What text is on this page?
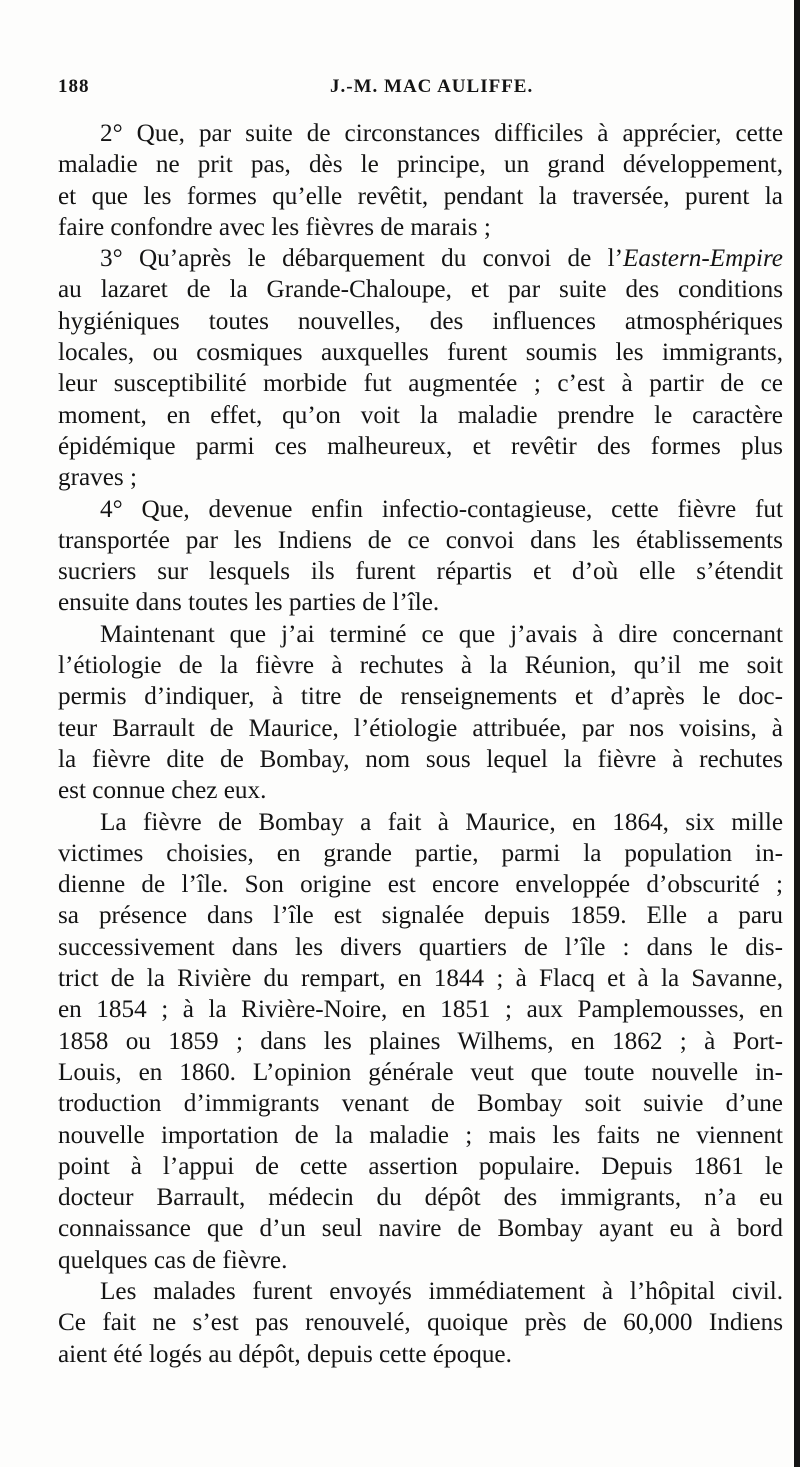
188	J.-M. MAC AULIFFE.
2° Que, par suite de circonstances difficiles à apprécier, cette
maladie ne prit pas, dès le principe, un grand développement,
et que les formes qu’elle revêtit, pendant la traversée, purent la
faire confondre avec les fièvres de marais ;
3° Qu’après le débarquement du convoi de l’Eastern-Empire
au lazaret de la Grande-Chaloupe, et par suite des conditions
hygiéniques toutes nouvelles, des influences atmosphériques
locales, ou cosmiques auxquelles furent soumis les immigrants,
leur susceptibilité morbide fut augmentée ; c’est à partir de ce
moment, en effet, qu’on voit la maladie prendre le caractère
épidémique parmi ces malheureux, et revêtir des formes plus
graves ;
4° Que, devenue enfin infectio-contagieuse, cette fièvre fut
transportée par les Indiens de ce convoi dans les établissements
sucriers sur lesquels ils furent répartis et d’où elle s’étendit
ensuite dans toutes les parties de l’île.
Maintenant que j’ai terminé ce que j’avais à dire concernant
l’étiologie de la fièvre à rechutes à la Réunion, qu’il me soit
permis d’indiquer, à titre de renseignements et d’après le doc-
teur Barrault de Maurice, l’étiologie attribuée, par nos voisins, à
la fièvre dite de Bombay, nom sous lequel la fièvre à rechutes
est connue chez eux.
La fièvre de Bombay a fait à Maurice, en 1864, six mille
victimes choisies, en grande partie, parmi la population in-
dienne de l’île. Son origine est encore enveloppée d’obscurité ;
sa présence dans l’île est signalée depuis 1859. Elle a paru
successivement dans les divers quartiers de l’île : dans le dis-
trict de la Rivière du rempart, en 1844 ; à Flacq et à la Savanne,
en 1854 ; à la Rivière-Noire, en 1851 ; aux Pamplemousses, en
1858 ou 1859 ; dans les plaines Wilhems, en 1862 ; à Port-
Louis, en 1860. L’opinion générale veut que toute nouvelle in-
troduction d’immigrants venant de Bombay soit suivie d’une
nouvelle importation de la maladie ; mais les faits ne viennent
point à l’appui de cette assertion populaire. Depuis 1861 le
docteur Barrault, médecin du dépôt des immigrants, n’a eu
connaissance que d’un seul navire de Bombay ayant eu à bord
quelques cas de fièvre.
Les malades furent envoyés immédiatement à l’hôpital civil.
Ce fait ne s’est pas renouvelé, quoique près de 60,000 Indiens
aient été logés au dépôt, depuis cette époque.
